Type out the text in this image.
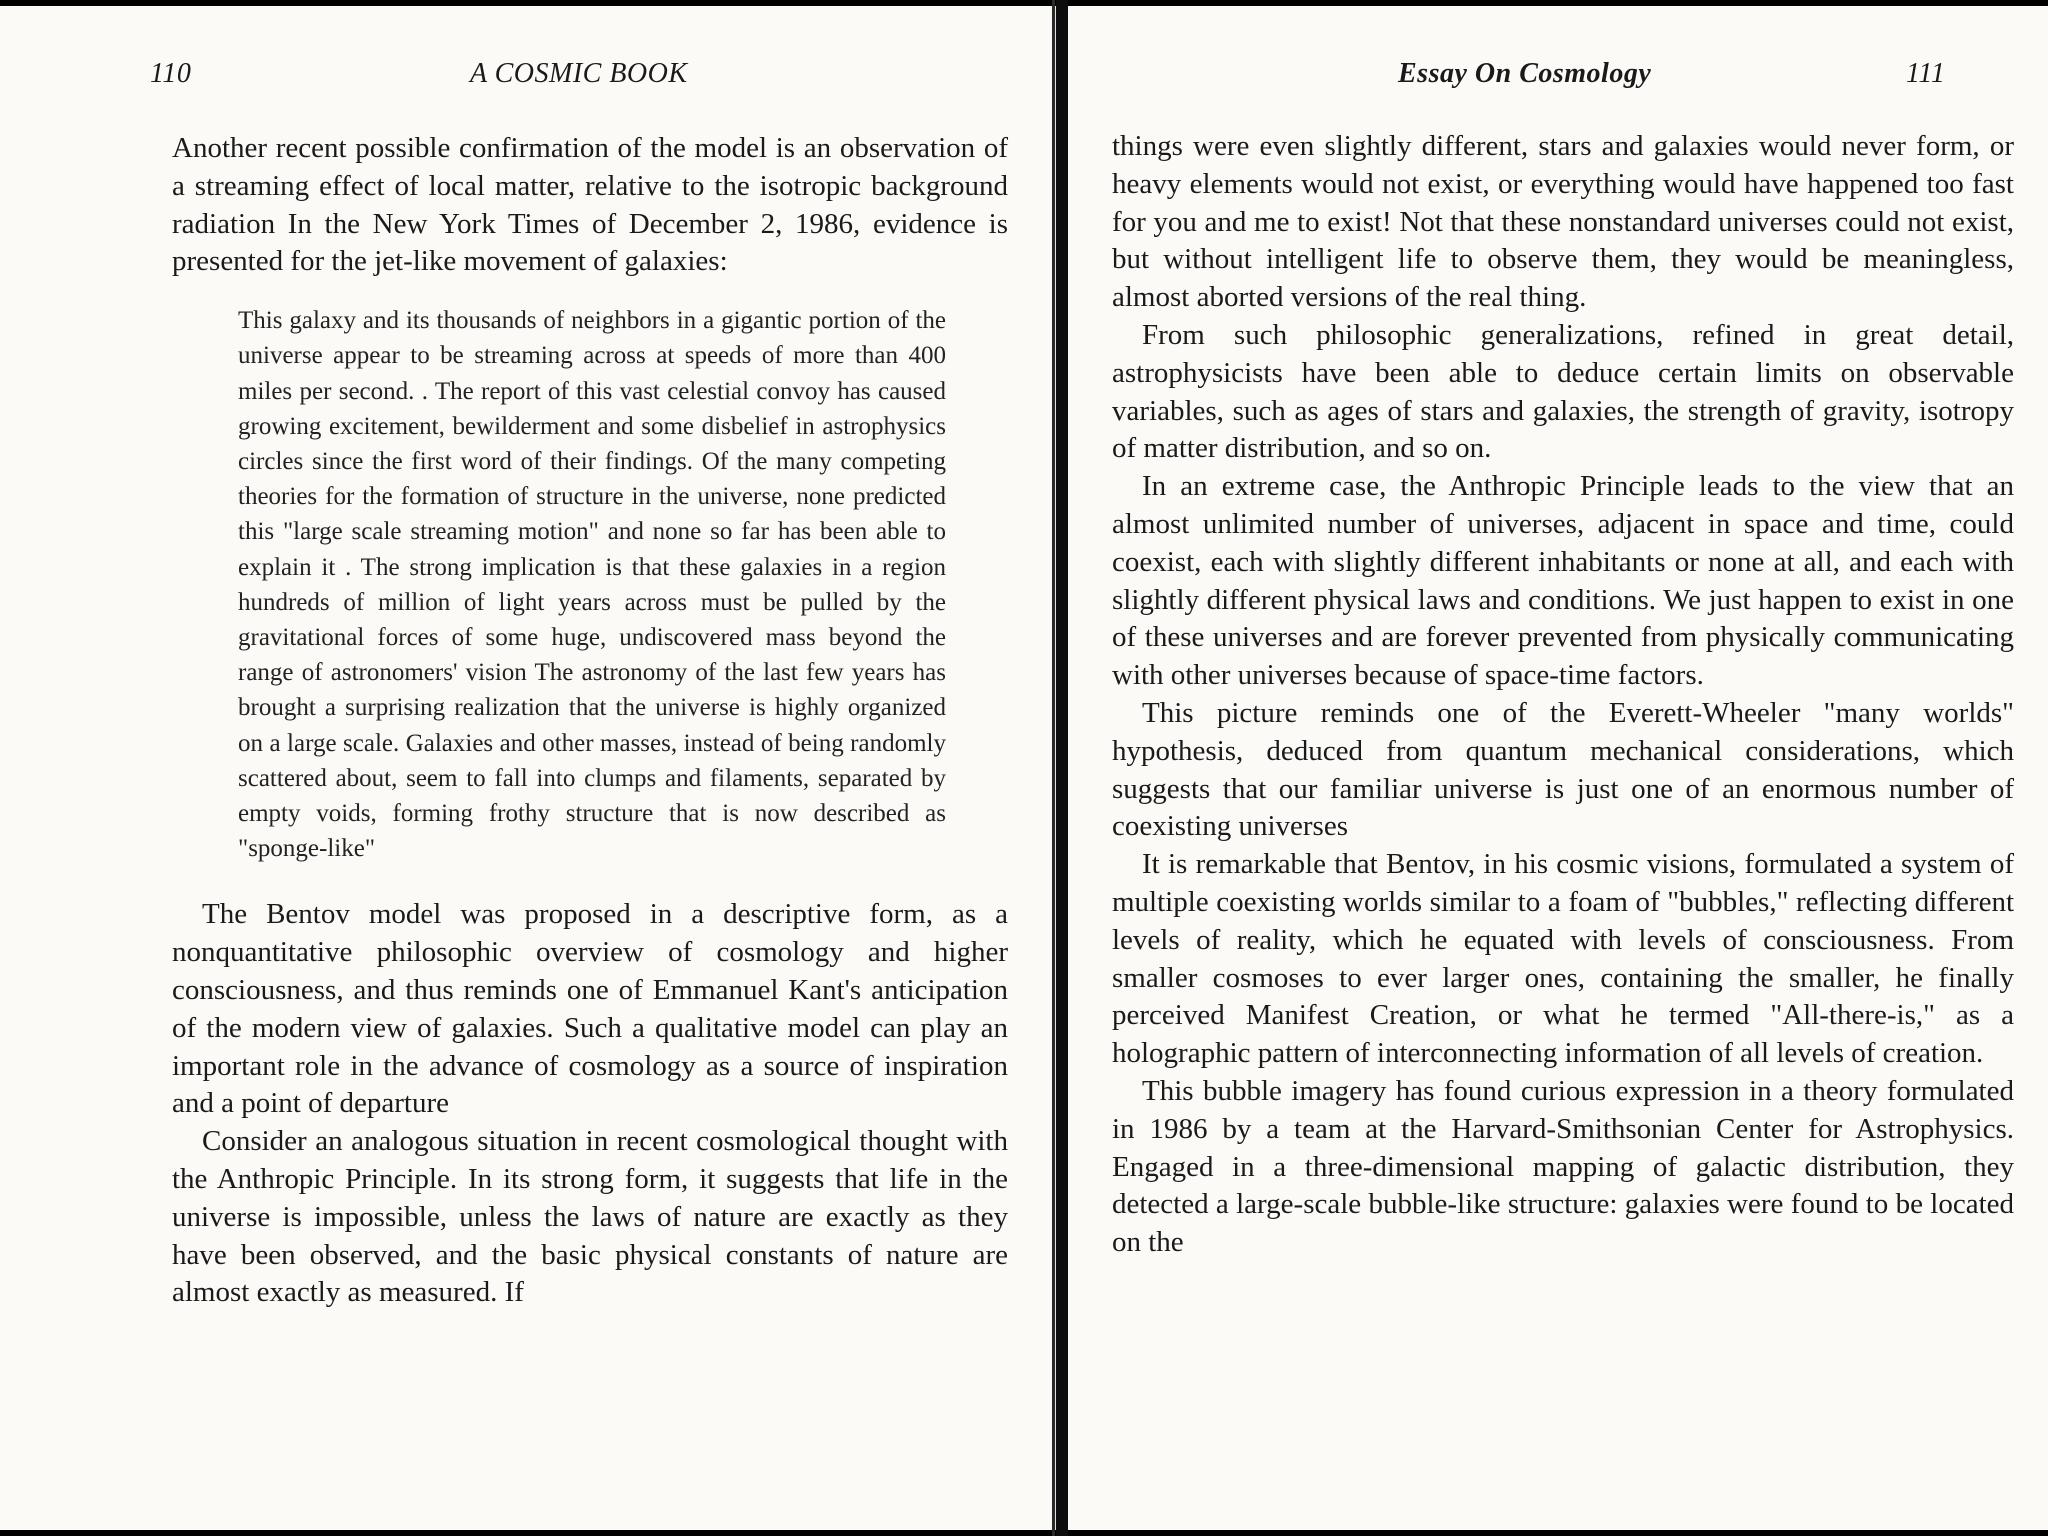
110	A COSMIC BOOK

Another recent possible confirmation of the model is an observation of a streaming effect of local matter, relative to the isotropic background radiation In the New York Times of December 2, 1986, evidence is presented for the jet-like movement of galaxies:

This galaxy and its thousands of neighbors in a gigantic portion of the universe appear to be streaming across at speeds of more than 400 miles per second. . The report of this vast celestial convoy has caused growing excitement, bewilderment and some disbelief in astrophysics circles since the first word of their findings. Of the many competing theories for the formation of structure in the universe, none predicted this "large scale streaming motion" and none so far has been able to explain it . The strong implication is that these galaxies in a region hundreds of million of light years across must be pulled by the gravitational forces of some huge, undiscovered mass beyond the range of astronomers' vision The astronomy of the last few years has brought a surprising realization that the universe is highly organized on a large scale. Galaxies and other masses, instead of being randomly scattered about, seem to fall into clumps and filaments, separated by empty voids, forming frothy structure that is now described as "sponge-like"

The Bentov model was proposed in a descriptive form, as a nonquantitative philosophic overview of cosmology and higher consciousness, and thus reminds one of Emmanuel Kant's anticipation of the modern view of galaxies. Such a qualitative model can play an important role in the advance of cosmology as a source of inspiration and a point of departure

Consider an analogous situation in recent cosmological thought with the Anthropic Principle. In its strong form, it suggests that life in the universe is impossible, unless the laws of nature are exactly as they have been observed, and the basic physical constants of nature are almost exactly as measured. If

Essay On Cosmology	111

things were even slightly different, stars and galaxies would never form, or heavy elements would not exist, or everything would have happened too fast for you and me to exist! Not that these nonstandard universes could not exist, but without intelligent life to observe them, they would be meaningless, almost aborted versions of the real thing.

From such philosophic generalizations, refined in great detail, astrophysicists have been able to deduce certain limits on observable variables, such as ages of stars and galaxies, the strength of gravity, isotropy of matter distribution, and so on.

In an extreme case, the Anthropic Principle leads to the view that an almost unlimited number of universes, adjacent in space and time, could coexist, each with slightly different inhabitants or none at all, and each with slightly different physical laws and conditions. We just happen to exist in one of these universes and are forever prevented from physically communicating with other universes because of space-time factors.

This picture reminds one of the Everett-Wheeler "many worlds" hypothesis, deduced from quantum mechanical considerations, which suggests that our familiar universe is just one of an enormous number of coexisting universes

It is remarkable that Bentov, in his cosmic visions, formulated a system of multiple coexisting worlds similar to a foam of "bubbles," reflecting different levels of reality, which he equated with levels of consciousness. From smaller cosmoses to ever larger ones, containing the smaller, he finally perceived Manifest Creation, or what he termed "All-there-is," as a holographic pattern of interconnecting information of all levels of creation.

This bubble imagery has found curious expression in a theory formulated in 1986 by a team at the Harvard-Smithsonian Center for Astrophysics. Engaged in a three-dimensional mapping of galactic distribution, they detected a large-scale bubble-like structure: galaxies were found to be located on the
